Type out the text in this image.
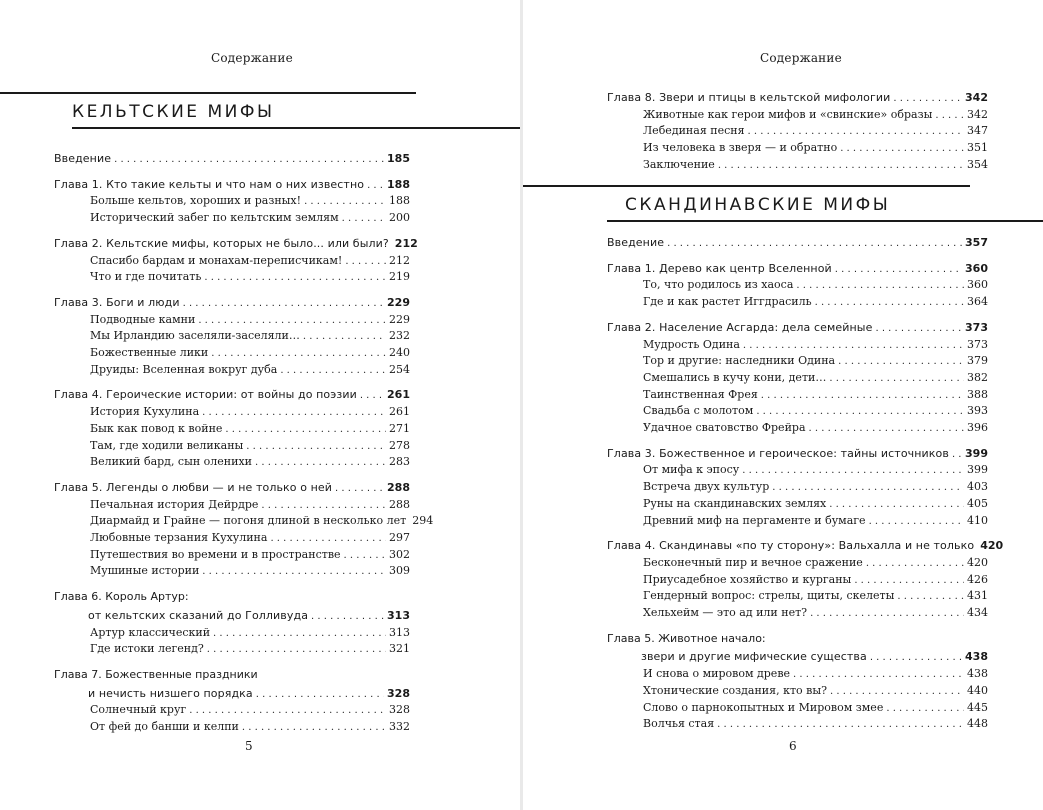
Содержание
КЕЛЬТСКИЕ МИФЫ
Введение . . .	185
Глава 1. Кто такие кельты и что нам о них известно . . . 188
Больше кельтов, хороших и разных! . . .	188
Исторический забег по кельтским землям . . .	200
Глава 2. Кельтские мифы, которых не было... или были? 212
Спасибо бардам и монахам-переписчикам! . . .	212
Что и где почитать . . .	219
Глава 3. Боги и люди . . .	229
Подводные камни . . .	229
Мы Ирландию заселяли-заселяли… . . .	232
Божественные лики . . .	240
Друиды: Вселенная вокруг дуба . . .	254
Глава 4. Героические истории: от войны до поэзии . . .	261
История Кухулина . . .	261
Бык как повод к войне . . .	271
Там, где ходили великаны . . .	278
Великий бард, сын оленихи . . .	283
Глава 5. Легенды о любви — и не только о ней . . .	288
Печальная история Дейрдре . . .	288
Диармайд и Грайне — погоня длиной в несколько лет 294
Любовные терзания Кухулина . . .	297
Путешествия во времени и в пространстве . . .	302
Мушиные истории . . .	309
Глава 6. Король Артур:
от кельтских сказаний до Голливуда . . .	313
Артур классический . . .	313
Где истоки легенд? . . .	321
Глава 7. Божественные праздники
и нечисть низшего порядка . . .	328
Солнечный круг . . .	328
От фей до банши и келпи . . .	332
5
Содержание
Глава 8. Звери и птицы в кельтской мифологии . . .	342
Животные как герои мифов и «свинские» образы . . .	342
Лебединая песня . . .	347
Из человека в зверя — и обратно . . .	351
Заключение . . .	354
СКАНДИНАВСКИЕ МИФЫ
Введение . . .	357
Глава 1. Дерево как центр Вселенной . . .	360
То, что родилось из хаоса . . .	360
Где и как растет Иггдрасиль . . .	364
Глава 2. Население Асгарда: дела семейные . . .	373
Мудрость Одина . . .	373
Тор и другие: наследники Одина . . .	379
Смешались в кучу кони, дети… . . .	382
Таинственная Фрея . . .	388
Свадьба с молотом . . .	393
Удачное сватовство Фрейра . . .	396
Глава 3. Божественное и героическое: тайны источников . . . 399
От мифа к эпосу . . .	399
Встреча двух культур . . .	403
Руны на скандинавских землях . . .	405
Древний миф на пергаменте и бумаге . . .	410
Глава 4. Скандинавы «по ту сторону»: Вальхалла и не только 420
Бесконечный пир и вечное сражение . . .	420
Приусадебное хозяйство и курганы . . .	426
Гендерный вопрос: стрелы, щиты, скелеты . . .	431
Хельхейм — это ад или нет? . . .	434
Глава 5. Животное начало:
звери и другие мифические существа . . .	438
И снова о мировом древе . . .	438
Хтонические создания, кто вы? . . .	440
Слово о парнокопытных и Мировом змее . . .	445
Волчья стая . . .	448
6
